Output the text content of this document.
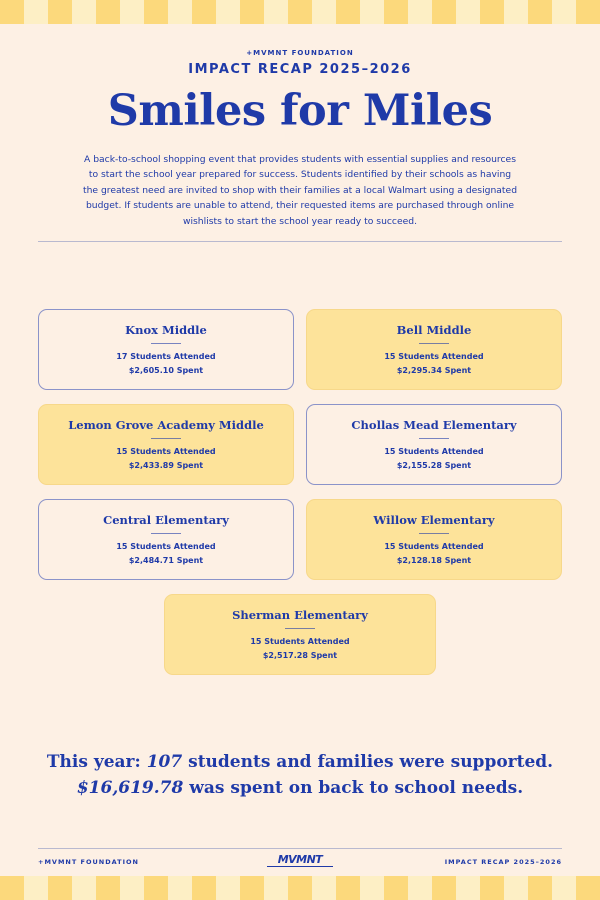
+MVMNT FOUNDATION
IMPACT RECAP 2025–2026
Smiles for Miles

A back-to-school shopping event that provides students with essential supplies and resources to start the school year prepared for success. Students identified by their schools as having the greatest need are invited to shop with their families at a local Walmart using a designated budget. If students are unable to attend, their requested items are purchased through online wishlists to start the school year ready to succeed.

Knox Middle
17 Students Attended
$2,605.10 Spent
Bell Middle
15 Students Attended
$2,295.34 Spent
Lemon Grove Academy Middle
15 Students Attended
$2,433.89 Spent
Chollas Mead Elementary
15 Students Attended
$2,155.28 Spent
Central Elementary
15 Students Attended
$2,484.71 Spent
Willow Elementary
15 Students Attended
$2,128.18 Spent
Sherman Elementary
15 Students Attended
$2,517.28 Spent
This year: 107 students and families were supported.
$16,619.78 was spent on back to school needs.
+MVMNT FOUNDATION	MVMNT	IMPACT RECAP 2025–2026
